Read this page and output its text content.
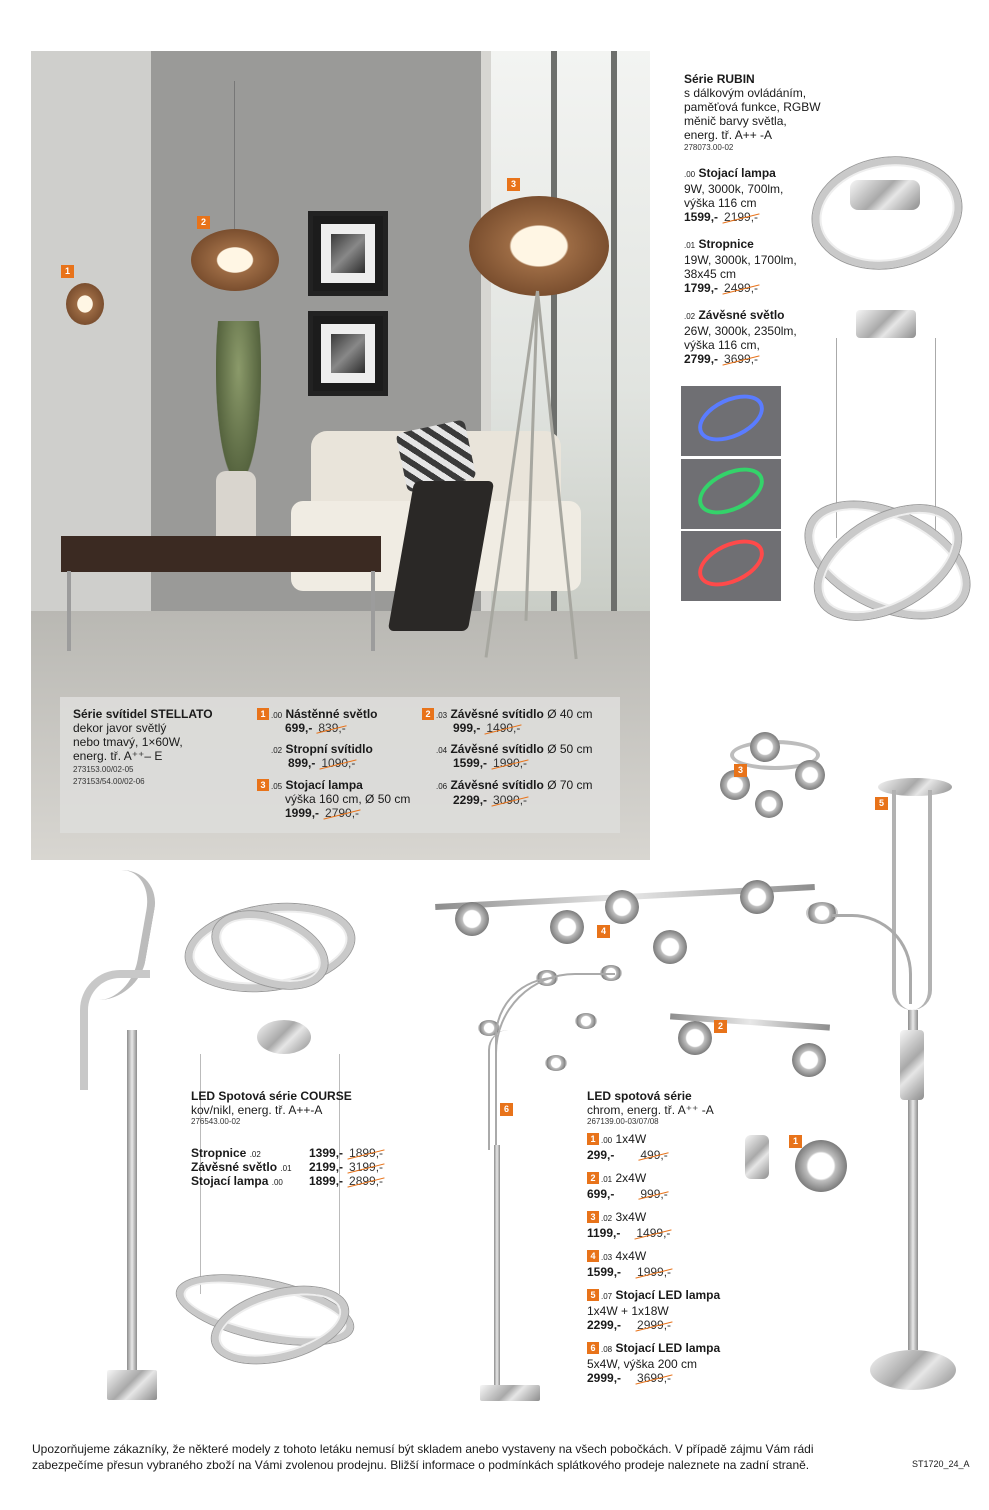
1
2
3
Série svítidel STELLATO
dekor javor světlý
nebo tmavý, 1×60W,
energ. tř. A⁺⁺– E
273153.00/02-05
273153/54.00/02-06
1 .00 Nástěnné světlo
699,- 839,-
.02 Stropní svítidlo
899,- 1090,-
3 .05 Stojací lampa
výška 160 cm, Ø 50 cm
1999,- 2790,-
2 .03 Závěsné svítidlo Ø 40 cm
999,- 1490,-
.04 Závěsné svítidlo Ø 50 cm
1599,- 1990,-
.06 Závěsné svítidlo Ø 70 cm
2299,- 3090,-
Série RUBIN
s dálkovým ovládáním,
paměťová funkce, RGBW
měnič barvy světla,
energ. tř. A++ -A
278073.00-02
.00 Stojací lampa
9W, 3000k, 700lm,
výška 116 cm
1599,- 2199,-
.01 Stropnice
19W, 3000k, 1700lm,
38x45 cm
1799,- 2499,-
.02 Závěsné světlo
26W, 3000k, 2350lm,
výška 116 cm,
2799,- 3699,-
3
5
LED Spotová série COURSE
kov/nikl, energ. tř. A++-A
276543.00-02
Stropnice .02	1399,- 1899,-
Závěsné světlo .01 2199,- 3199,-
Stojací lampa .00 1899,- 2899,-
4
2
6
1
LED spotová série
chrom, energ. tř. A⁺⁺ -A
267139.00-03/07/08
1 .00 1x4W
299,- 499,-
2 .01 2x4W
699,- 999,-
3 .02 3x4W
1199,- 1499,-
4 .03 4x4W
1599,- 1999,-
5 .07 Stojací LED lampa
1x4W + 1x18W
2299,- 2999,-
6 .08 Stojací LED lampa
5x4W, výška 200 cm
2999,- 3699,-
Upozorňujeme zákazníky, že některé modely z tohoto letáku nemusí být skladem anebo vystaveny na všech pobočkách. V případě zájmu Vám rádi
zabezpečíme přesun vybraného zboží na Vámi zvolenou prodejnu. Bližší informace o podmínkách splátkového prodeje naleznete na zadní straně.	ST1720_24_A
